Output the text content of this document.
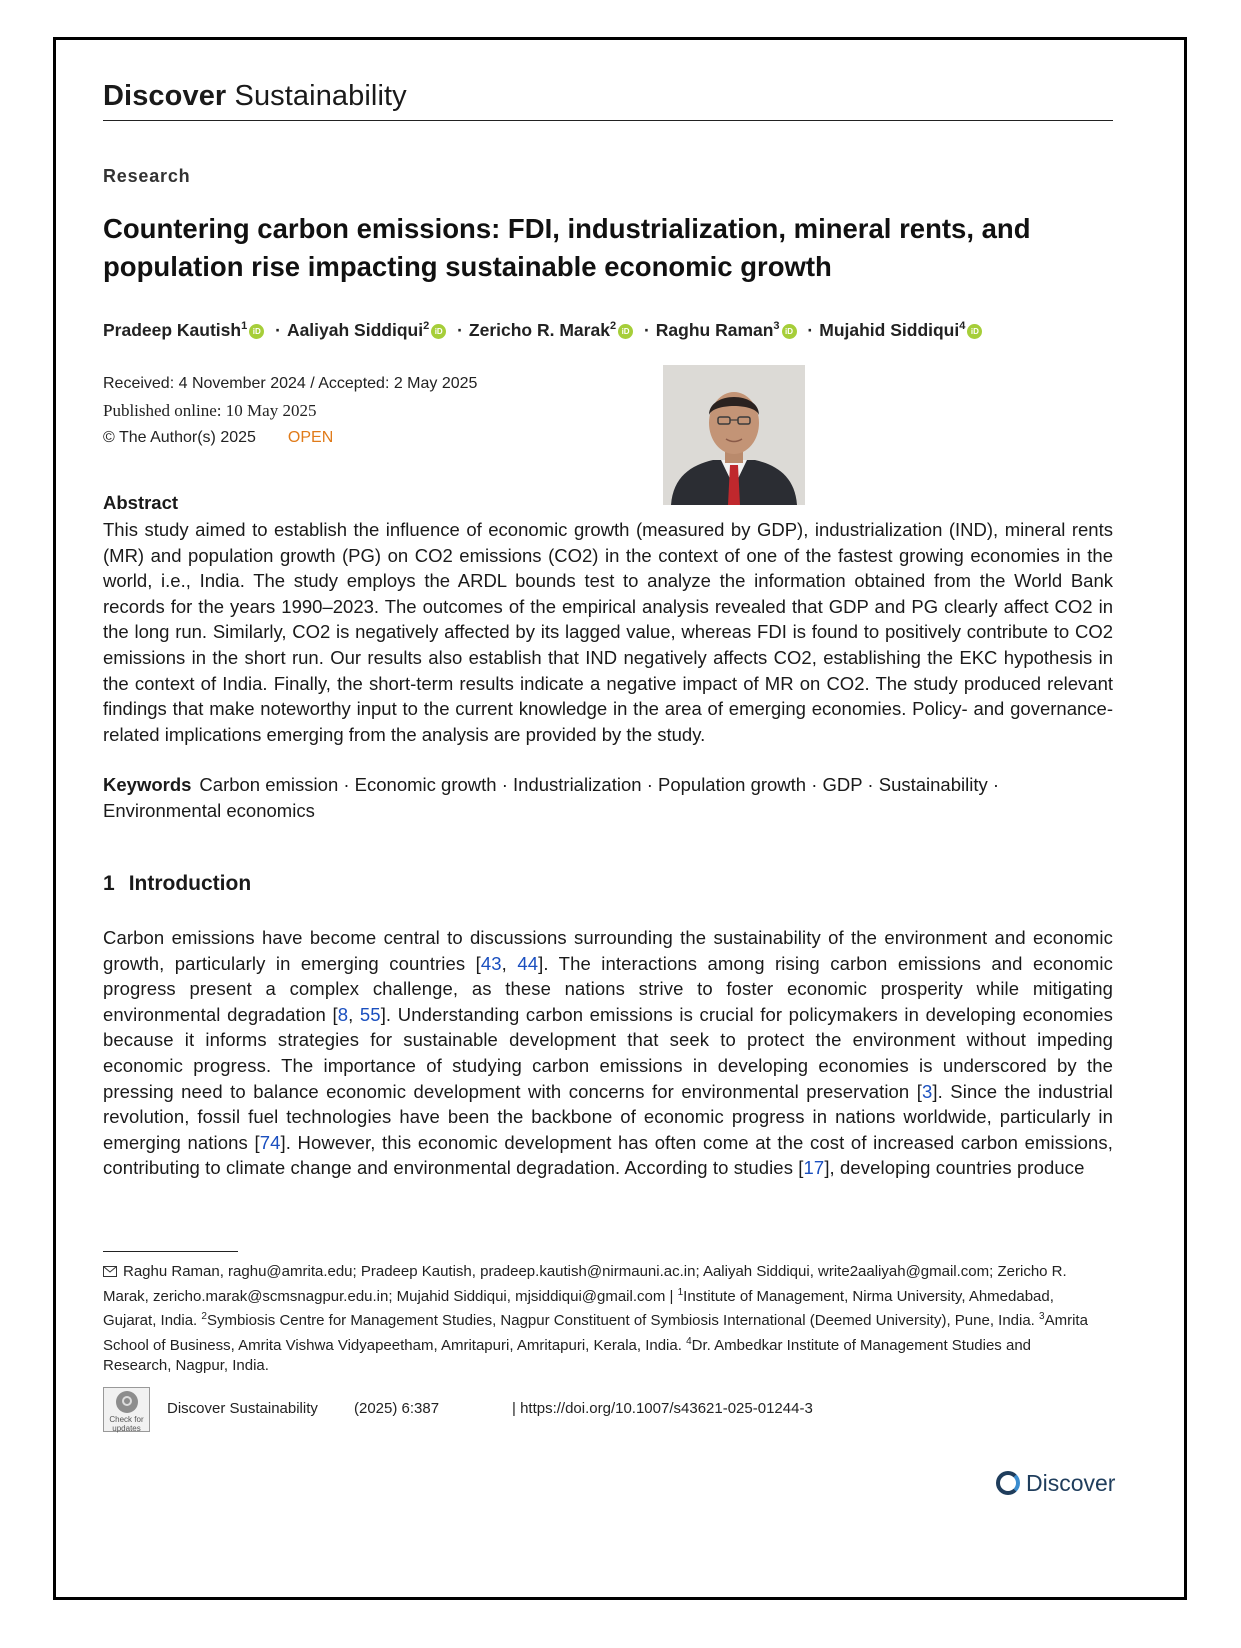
Discover Sustainability
Research
Countering carbon emissions: FDI, industrialization, mineral rents, and population rise impacting sustainable economic growth
Pradeep Kautish$^1$ iD · Aaliyah Siddiqui$^2$ iD · Zericho R. Marak$^2$ iD · Raghu Raman$^3$ iD · Mujahid Siddiqui$^4$ iD
Received: 4 November 2024 / Accepted: 2 May 2025
Published online: 10 May 2025
© The Author(s) 2025 OPEN
Abstract
This study aimed to establish the influence of economic growth (measured by GDP), industrialization (IND), mineral rents (MR) and population growth (PG) on CO2 emissions (CO2) in the context of one of the fastest growing economies in the world, i.e., India. The study employs the ARDL bounds test to analyze the information obtained from the World Bank records for the years 1990–2023. The outcomes of the empirical analysis revealed that GDP and PG clearly affect CO2 in the long run. Similarly, CO2 is negatively affected by its lagged value, whereas FDI is found to positively contribute to CO2 emissions in the short run. Our results also establish that IND negatively affects CO2, establishing the EKC hypothesis in the context of India. Finally, the short-term results indicate a negative impact of MR on CO2. The study produced relevant findings that make noteworthy input to the current knowledge in the area of emerging economies. Policy- and governance-related implications emerging from the analysis are provided by the study.
Keywords Carbon emission · Economic growth · Industrialization · Population growth · GDP · Sustainability · Environmental economics
1 Introduction
Carbon emissions have become central to discussions surrounding the sustainability of the environment and economic growth, particularly in emerging countries [43, 44]. The interactions among rising carbon emissions and economic progress present a complex challenge, as these nations strive to foster economic prosperity while mitigating environmental degradation [8, 55]. Understanding carbon emissions is crucial for policymakers in developing economies because it informs strategies for sustainable development that seek to protect the environment without impeding economic progress. The importance of studying carbon emissions in developing economies is underscored by the pressing need to balance economic development with concerns for environmental preservation [3]. Since the industrial revolution, fossil fuel technologies have been the backbone of economic progress in nations worldwide, particularly in emerging nations [74]. However, this economic development has often come at the cost of increased carbon emissions, contributing to climate change and environmental degradation. According to studies [17], developing countries produce
Raghu Raman, raghu@amrita.edu; Pradeep Kautish, pradeep.kautish@nirmauni.ac.in; Aaliyah Siddiqui, write2aaliyah@gmail.com; Zericho R. Marak, zericho.marak@scmsnagpur.edu.in; Mujahid Siddiqui, mjsiddiqui@gmail.com | $^1$Institute of Management, Nirma University, Ahmedabad, Gujarat, India. $^2$Symbiosis Centre for Management Studies, Nagpur Constituent of Symbiosis International (Deemed University), Pune, India. $^3$Amrita School of Business, Amrita Vishwa Vidyapeetham, Amritapuri, Amritapuri, Kerala, India. $^4$Dr. Ambedkar Institute of Management Studies and Research, Nagpur, India.
Check for
updates
Discover Sustainability (2025) 6:387	| https://doi.org/10.1007/s43621-025-01244-3
Discover
